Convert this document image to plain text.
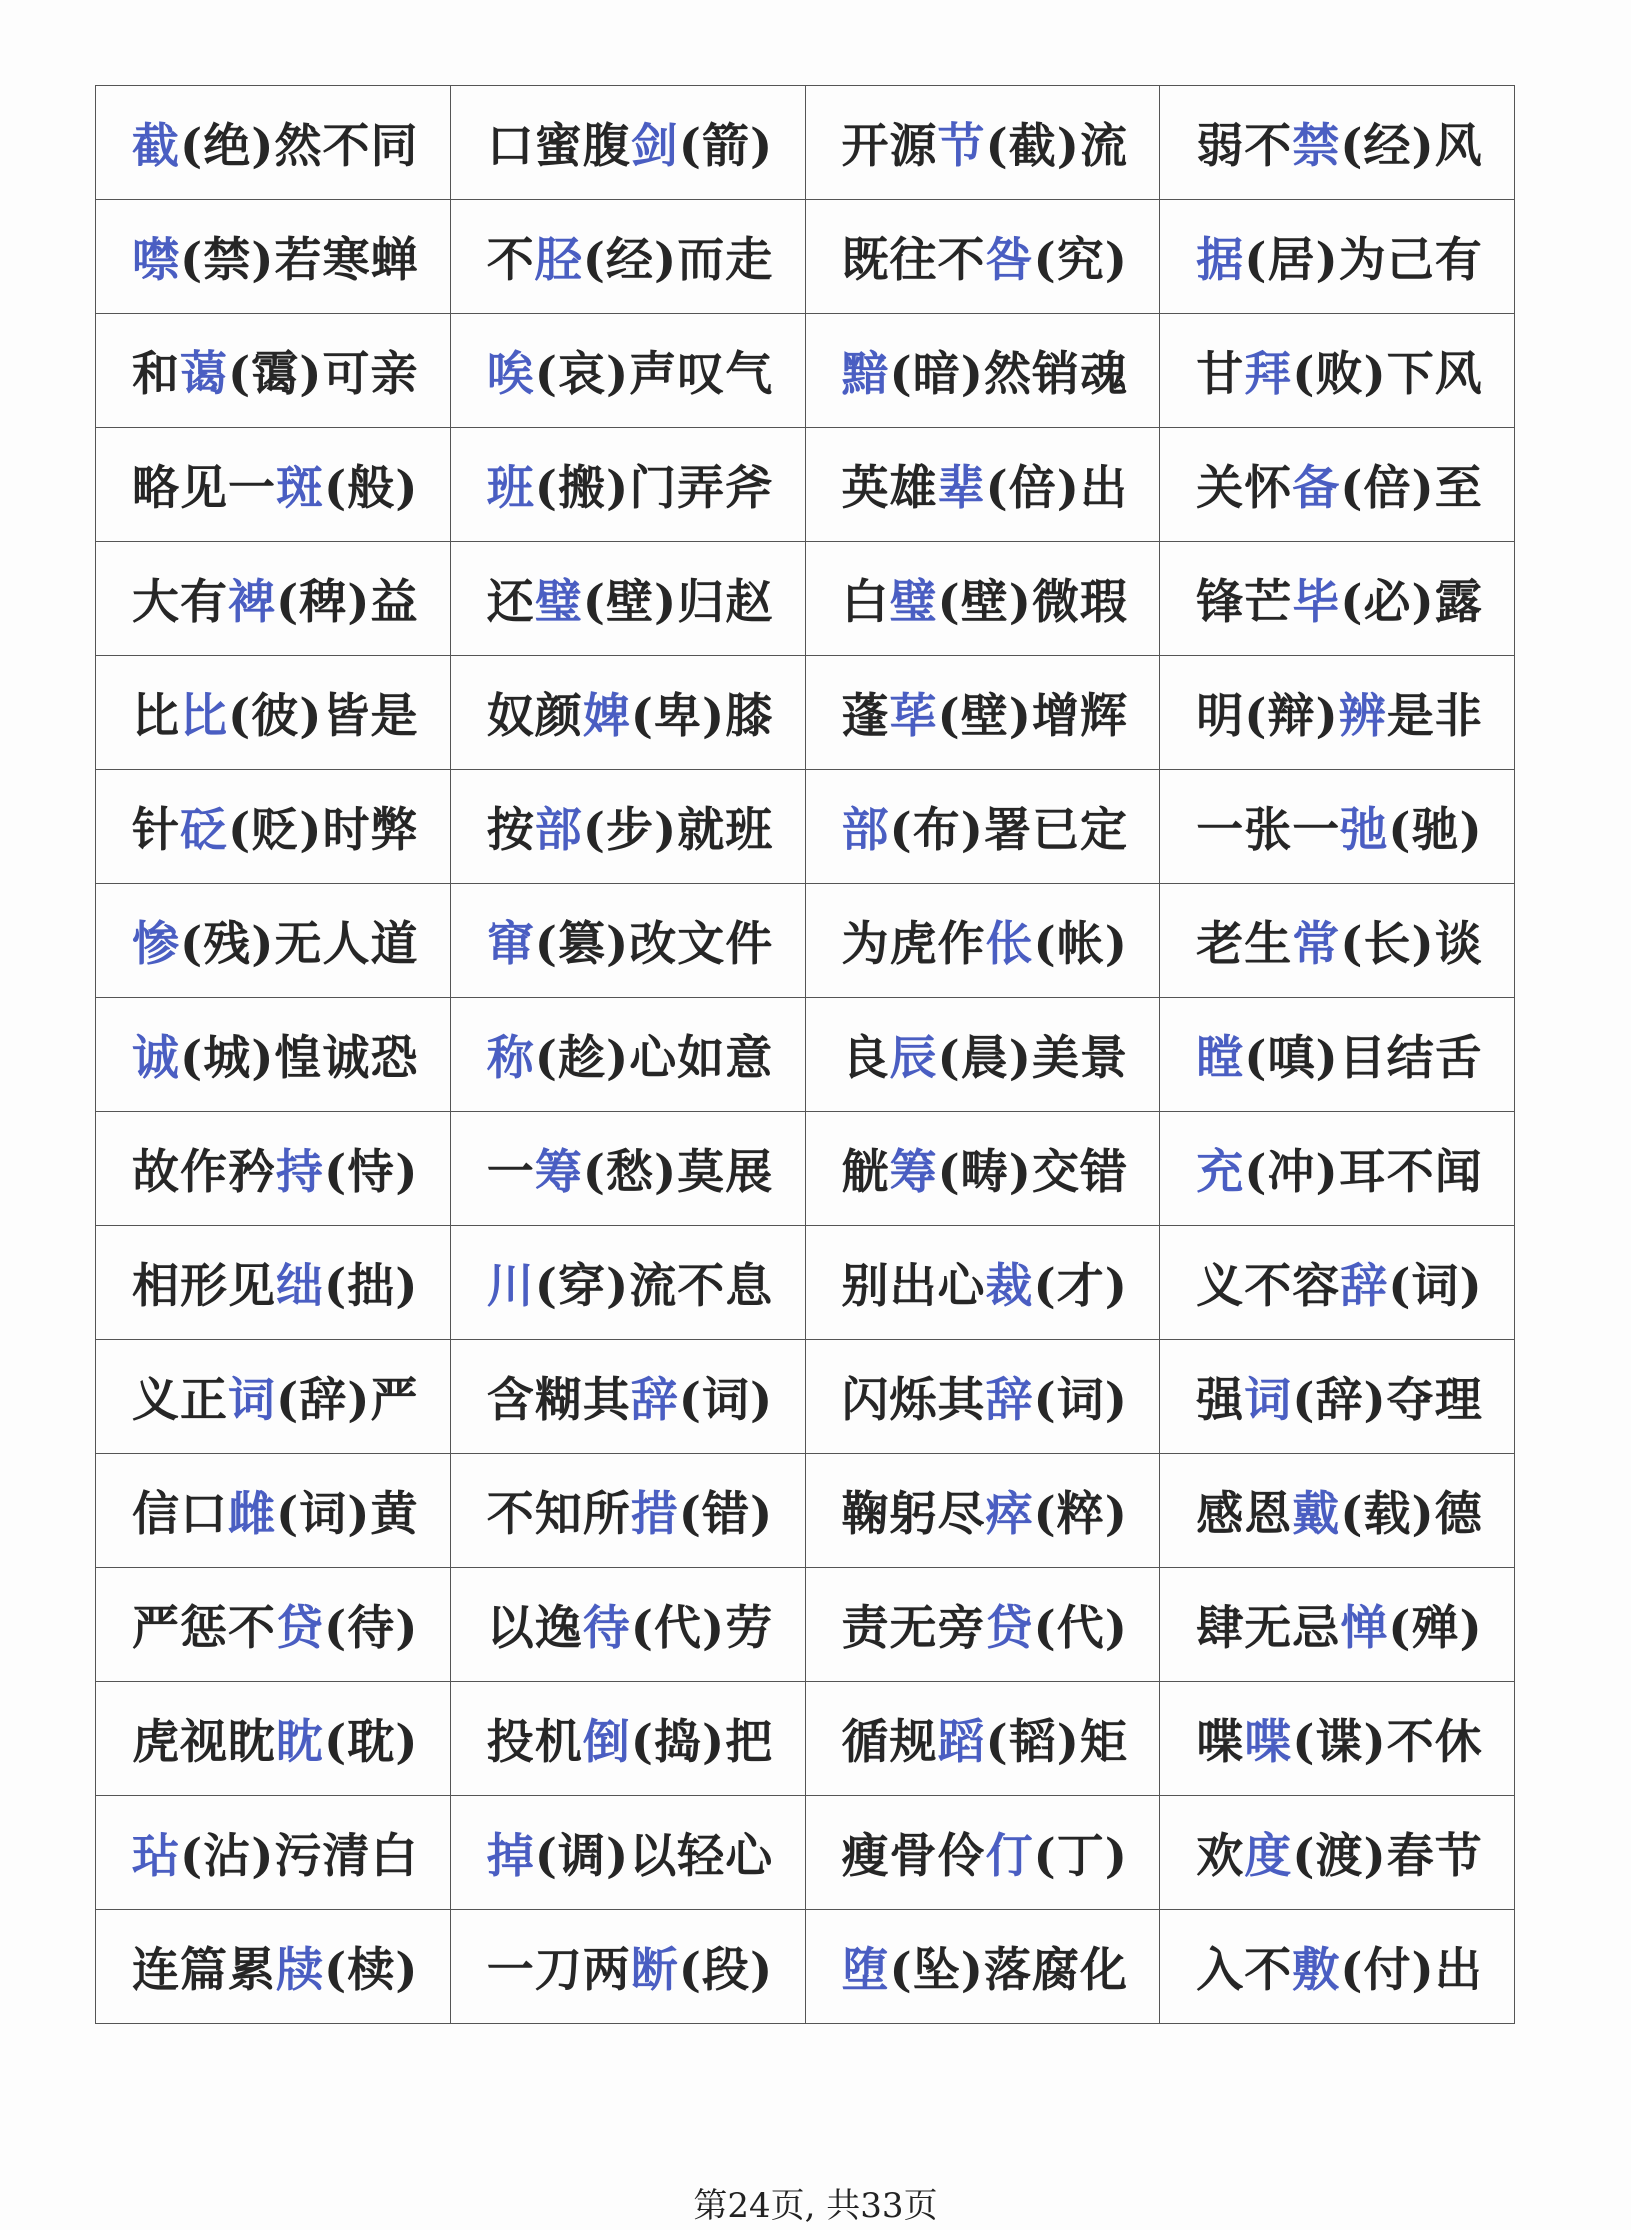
截(绝)然不同	口蜜腹剑(箭)	开源节(截)流	弱不禁(经)风
噤(禁)若寒蝉	不胫(经)而走	既往不咎(究)	据(居)为己有
和蔼(霭)可亲	唉(哀)声叹气	黯(暗)然销魂	甘拜(败)下风
略见一斑(般)	班(搬)门弄斧	英雄辈(倍)出	关怀备(倍)至
大有裨(稗)益	还璧(壁)归赵	白璧(壁)微瑕	锋芒毕(必)露
比比(彼)皆是	奴颜婢(卑)膝	蓬荜(壁)增辉	明(辩)辨是非
针砭(贬)时弊	按部(步)就班	部(布)署已定	一张一弛(驰)
惨(残)无人道	窜(篡)改文件	为虎作伥(帐)	老生常(长)谈
诚(城)惶诚恐	称(趁)心如意	良辰(晨)美景	瞠(嗔)目结舌
故作矜持(恃)	一筹(愁)莫展	觥筹(畴)交错	充(冲)耳不闻
相形见绌(拙)	川(穿)流不息	别出心裁(才)	义不容辞(词)
义正词(辞)严	含糊其辞(词)	闪烁其辞(词)	强词(辞)夺理
信口雌(词)黄	不知所措(错)	鞠躬尽瘁(粹)	感恩戴(载)德
严惩不贷(待)	以逸待(代)劳	责无旁贷(代)	肆无忌惮(殚)
虎视眈眈(耽)	投机倒(捣)把	循规蹈(韬)矩	喋喋(谍)不休
玷(沾)污清白	掉(调)以轻心	瘦骨伶仃(丁)	欢度(渡)春节
连篇累牍(椟)	一刀两断(段)	堕(坠)落腐化	入不敷(付)出
第24页, 共33页
